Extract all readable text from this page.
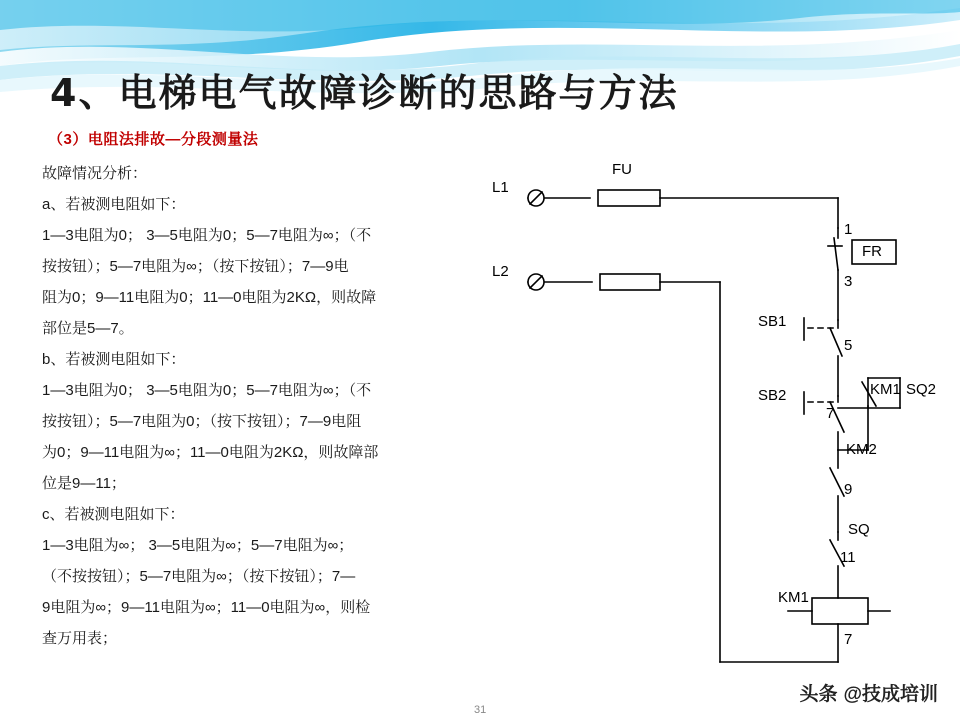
4、电梯电气故障诊断的思路与方法
（3）电阻法排故—分段测量法

故障情况分析：

a、若被测电阻如下：

1—3电阻为0； 3—5电阻为0；5—7电阻为∞；（不

按按钮）；5—7电阻为∞；（按下按钮）；7—9电

阻为0；9—11电阻为0；11—0电阻为2KΩ，则故障

部位是5—7。

b、若被测电阻如下：

1—3电阻为0； 3—5电阻为0；5—7电阻为∞；（不

按按钮）；5—7电阻为0；（按下按钮）；7—9电阻

为0；9—11电阻为∞；11—0电阻为2KΩ，则故障部

位是9—11；

c、若被测电阻如下：

1—3电阻为∞； 3—5电阻为∞；5—7电阻为∞；

（不按按钮）；5—7电阻为∞；（按下按钮）；7—

9电阻为∞；9—11电阻为∞；11—0电阻为∞，则检

查万用表；

L1
L2
FU
FR
SB1
SB2	KM1 SQ2
KM2
SQ
KM1
1
3
5
7
9
11
7
31
头条 @技成培训
